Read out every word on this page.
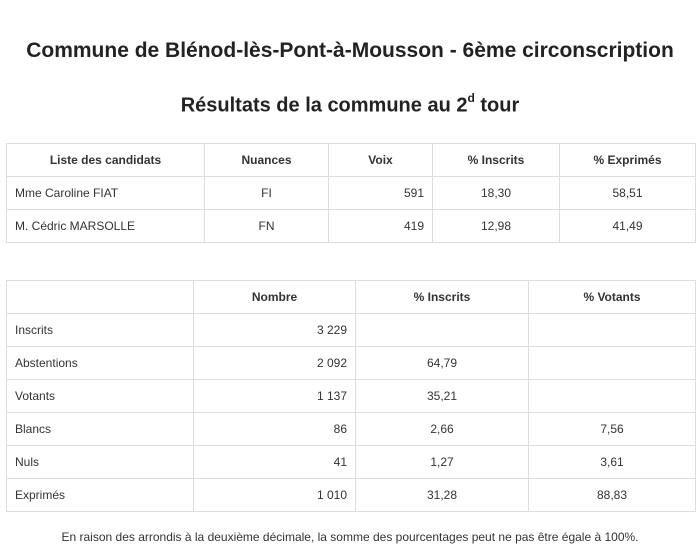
Commune de Blénod-lès-Pont-à-Mousson - 6ème circonscription
Résultats de la commune au 2$^d$ tour
Liste des candidats	Nuances	Voix	% Inscrits	% Exprimés
Mme Caroline FIAT	FI	591	18,30	58,51
M. Cédric MARSOLLE	FN	419	12,98	41,49
	Nombre	% Inscrits	% Votants
Inscrits	3 229		
Abstentions	2 092	64,79	
Votants	1 137	35,21	
Blancs	86	2,66	7,56
Nuls	41	1,27	3,61
Exprimés	1 010	31,28	88,83
En raison des arrondis à la deuxième décimale, la somme des pourcentages peut ne pas être égale à 100%.
